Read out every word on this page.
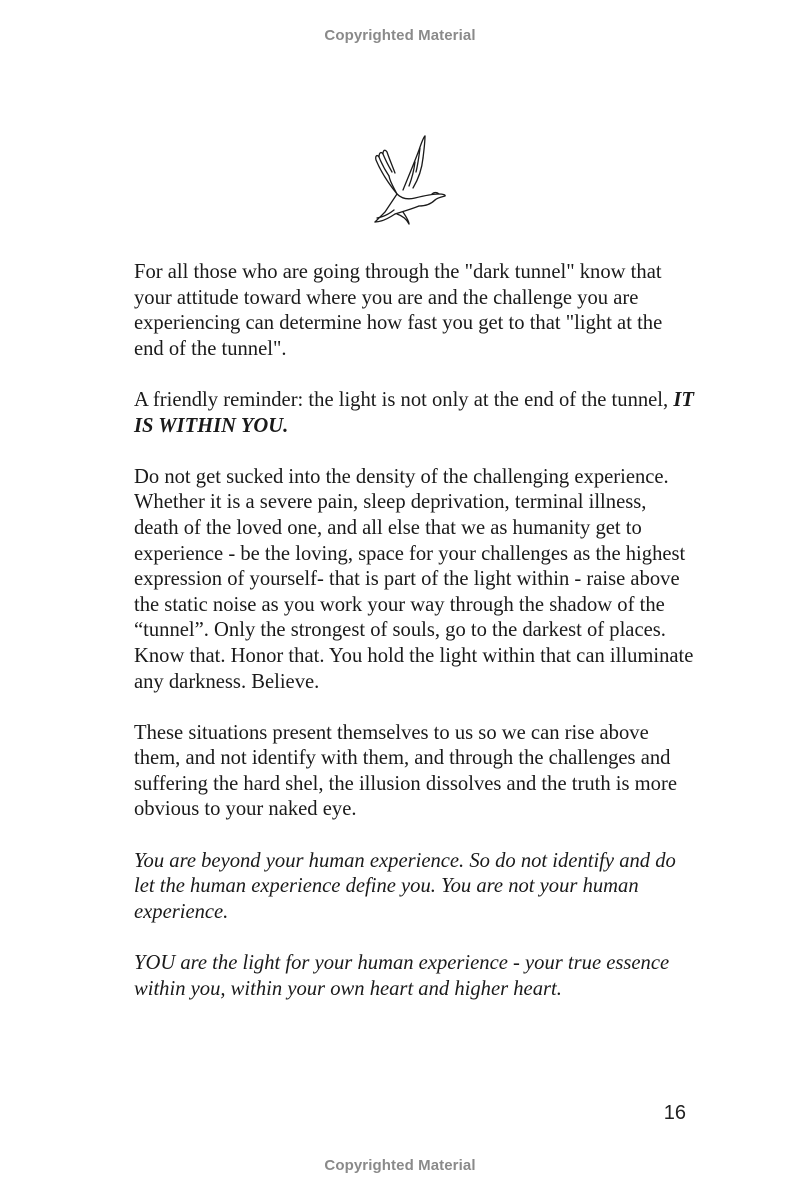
Copyrighted Material

For all those who are going through the "dark tunnel" know that your attitude toward where you are and the challenge you are experiencing can determine how fast you get to that "light at the end of the tunnel".

A friendly reminder: the light is not only at the end of the tunnel, IT IS WITHIN YOU.

Do not get sucked into the density of the challenging experience. Whether it is a severe pain, sleep deprivation, terminal illness, death of the loved one, and all else that we as humanity get to experience - be the loving, space for your challenges as the highest expression of yourself- that is part of the light within - raise above the static noise as you work your way through the shadow of the “tunnel”. Only the strongest of souls, go to the darkest of places. Know that. Honor that. You hold the light within that can illuminate any darkness. Believe.

These situations present themselves to us so we can rise above them, and not identify with them, and through the challenges and suffering the hard shel, the illusion dissolves and the truth is more obvious to your naked eye.

You are beyond your human experience. So do not identify and do let the human experience define you. You are not your human experience.

YOU are the light for your human experience - your true essence within you, within your own heart and higher heart.

16
Copyrighted Material
